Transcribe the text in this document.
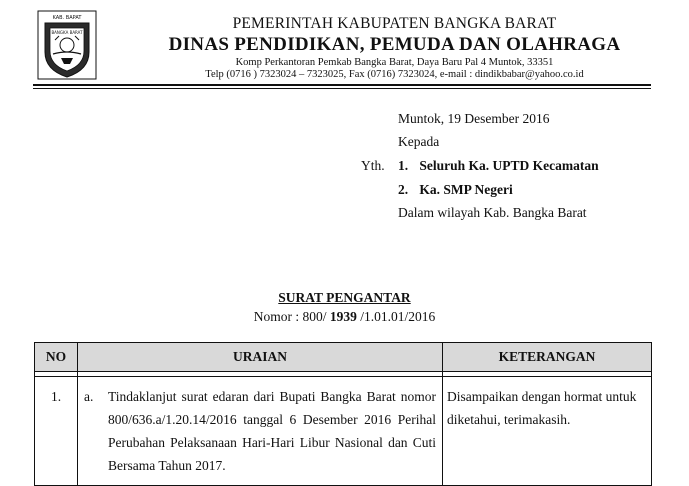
KAB. BAPAT
BANGKA BARAT
PEMERINTAH KABUPATEN BANGKA BARAT
DINAS PENDIDIKAN, PEMUDA DAN OLAHRAGA
Komp Perkantoran Pemkab Bangka Barat, Daya Baru Pal 4 Muntok, 33351
Telp (0716 ) 7323024 – 7323025, Fax (0716) 7323024, e-mail : dindikbabar@yahoo.co.id
Muntok, 19 Desember 2016
Kepada
Yth. 1. Seluruh Ka. UPTD Kecamatan
2. Ka. SMP Negeri
Dalam wilayah Kab. Bangka Barat
SURAT PENGANTAR
Nomor : 800/ 1939 /1.01.01/2016
NO	URAIAN	KETERANGAN

1.	a. Tindaklanjut surat edaran dari Bupati Bangka Barat nomor 800/636.a/1.20.14/2016 tanggal 6 Desember 2016 Perihal Perubahan Pelaksanaan Hari-Hari Libur Nasional dan Cuti Bersama Tahun 2017.	Disampaikan dengan hormat untuk diketahui, terimakasih.
